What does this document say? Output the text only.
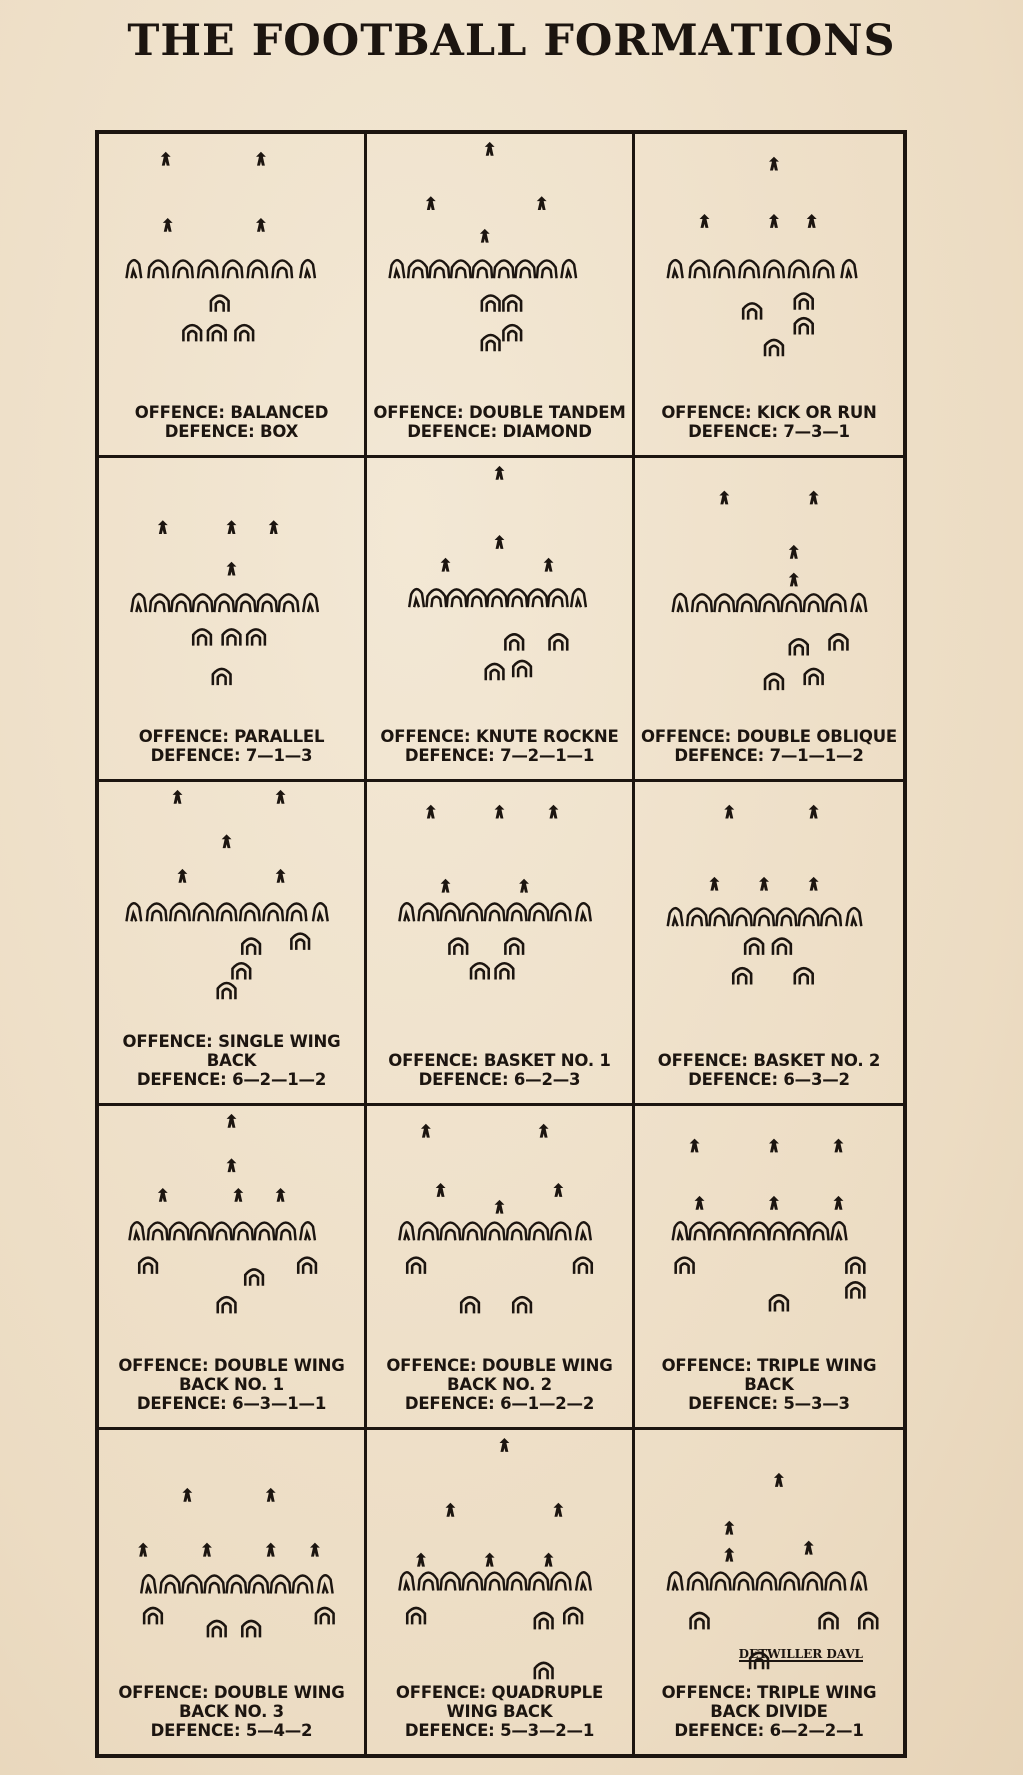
THE FOOTBALL FORMATIONS
OFFENCE: BALANCED
DEFENCE: BOX
OFFENCE: DOUBLE TANDEM
DEFENCE: DIAMOND
OFFENCE: KICK OR RUN
DEFENCE: 7—3—1
OFFENCE: PARALLEL
DEFENCE: 7—1—3
OFFENCE: KNUTE ROCKNE
DEFENCE: 7—2—1—1
OFFENCE: DOUBLE OBLIQUE
DEFENCE: 7—1—1—2
OFFENCE: SINGLE WING
BACK
DEFENCE: 6—2—1—2
OFFENCE: BASKET NO. 1
DEFENCE: 6—2—3
OFFENCE: BASKET NO. 2
DEFENCE: 6—3—2
OFFENCE: DOUBLE WING
BACK NO. 1
DEFENCE: 6—3—1—1
OFFENCE: DOUBLE WING
BACK NO. 2
DEFENCE: 6—1—2—2
OFFENCE: TRIPLE WING
BACK
DEFENCE: 5—3—3
OFFENCE: DOUBLE WING
BACK NO. 3
DEFENCE: 5—4—2
OFFENCE: QUADRUPLE
WING BACK
DEFENCE: 5—3—2—1
OFFENCE: TRIPLE WING
BACK DIVIDE
DEFENCE: 6—2—2—1
DETWILLER DAVL
